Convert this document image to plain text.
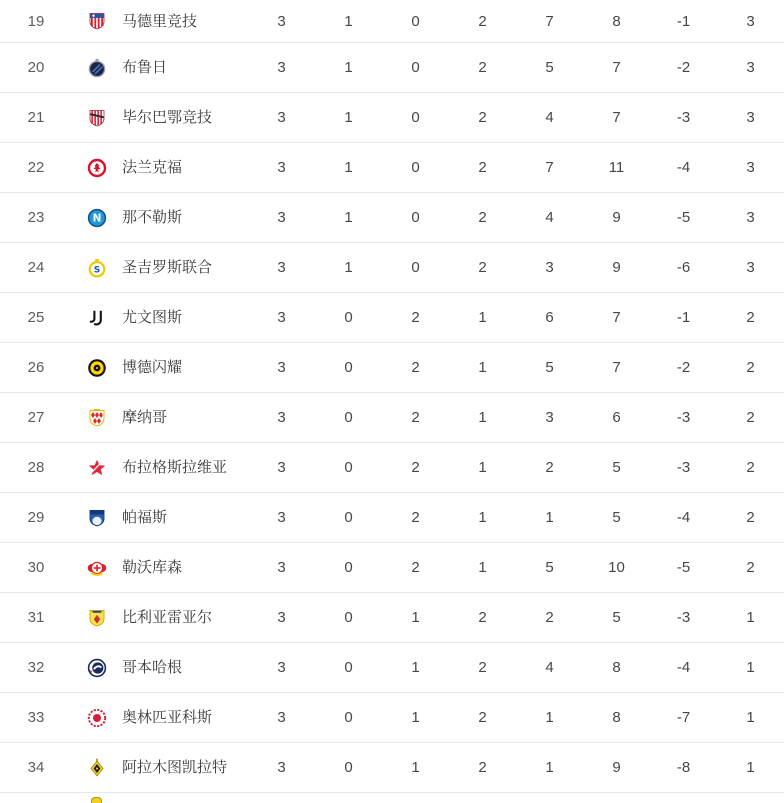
19	马德里竞技	3	1	0	2	7	8	-1	3
20	布鲁日	3	1	0	2	5	7	-2	3
21	毕尔巴鄂竞技	3	1	0	2	4	7	-3	3
22	法兰克福	3	1	0	2	7	11	-4	3
23	N 那不勒斯	3	1	0	2	4	9	-5	3
24	S 圣吉罗斯联合	3	1	0	2	3	9	-6	3
25	尤文图斯	3	0	2	1	6	7	-1	2
26	博德闪耀	3	0	2	1	5	7	-2	2
27	摩纳哥	3	0	2	1	3	6	-3	2
28	布拉格斯拉维亚	3	0	2	1	2	5	-3	2
29	帕福斯	3	0	2	1	1	5	-4	2
30	勒沃库森	3	0	2	1	5	10	-5	2
31	比利亚雷亚尔	3	0	1	2	2	5	-3	1
32	哥本哈根	3	0	1	2	4	8	-4	1
33	奥林匹亚科斯	3	0	1	2	1	8	-7	1
34	阿拉木图凯拉特	3	0	1	2	1	9	-8	1
